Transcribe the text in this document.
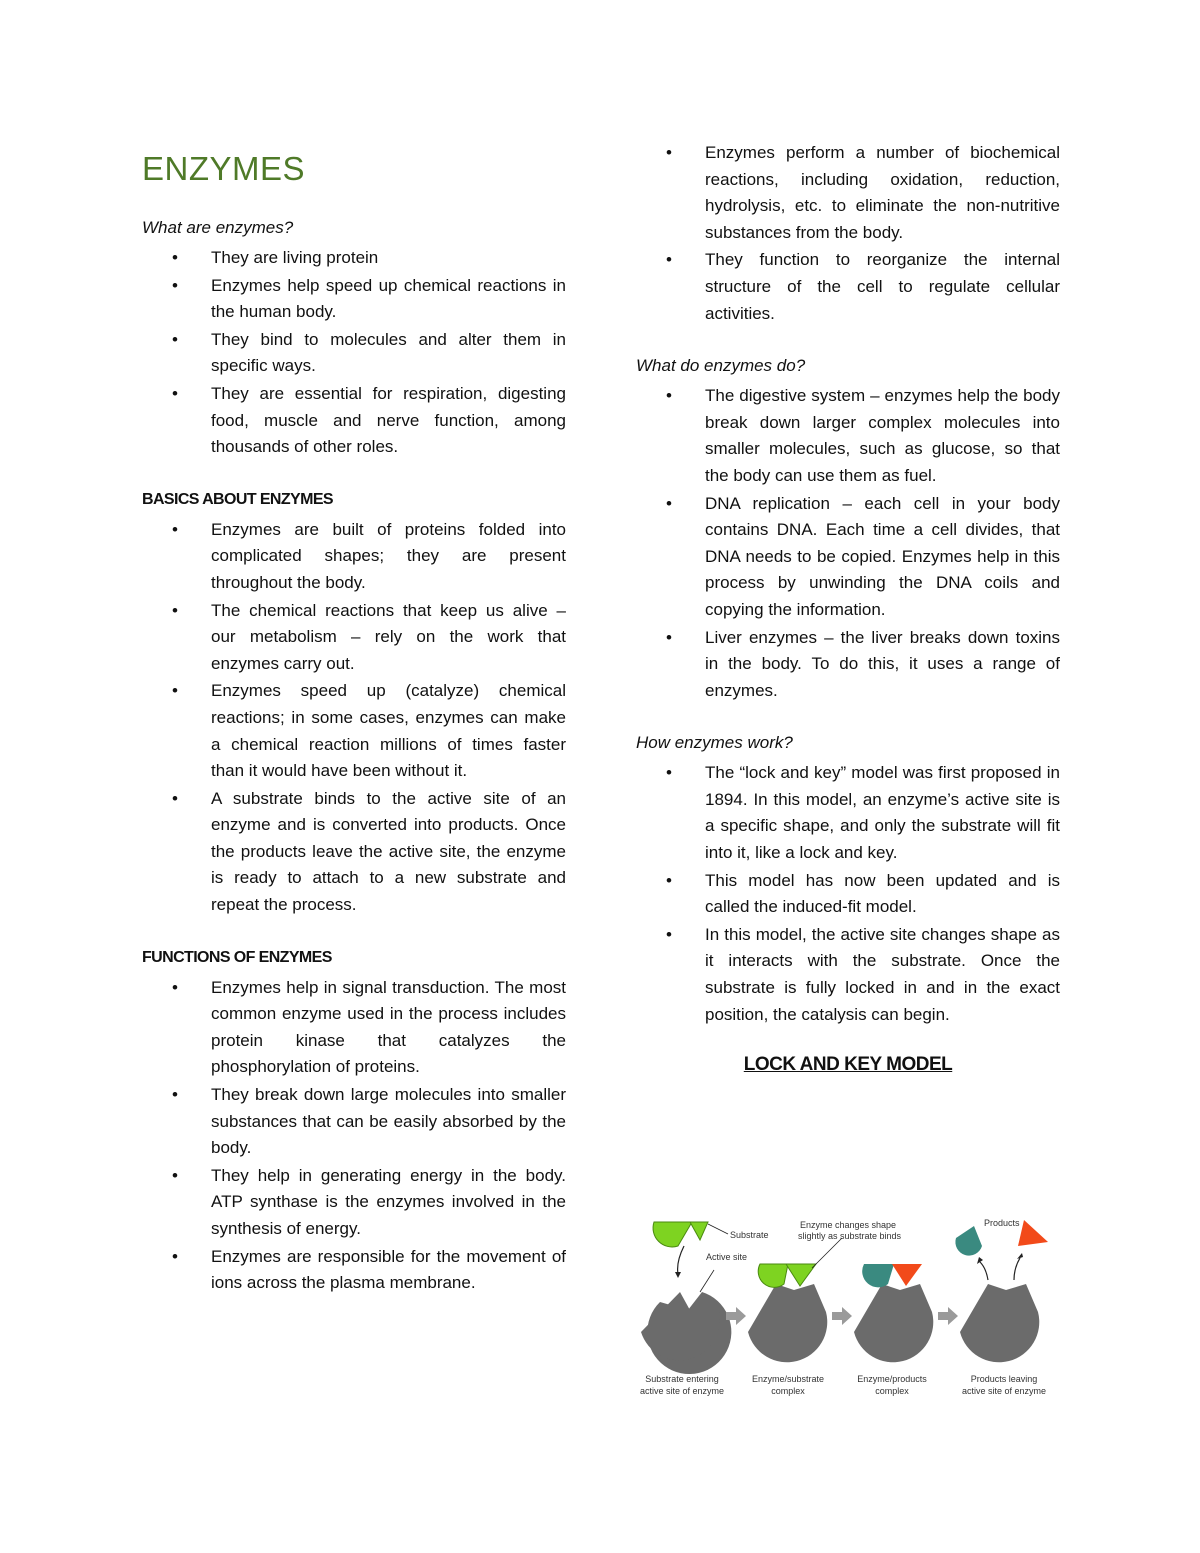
ENZYMES
What are enzymes?
• They are living protein
• Enzymes help speed up chemical reactions in the human body.
• They bind to molecules and alter them in specific ways.
• They are essential for respiration, digesting food, muscle and nerve function, among thousands of other roles.
BASICS ABOUT ENZYMES
• Enzymes are built of proteins folded into complicated shapes; they are present throughout the body.
• The chemical reactions that keep us alive – our metabolism – rely on the work that enzymes carry out.
• Enzymes speed up (catalyze) chemical reactions; in some cases, enzymes can make a chemical reaction millions of times faster than it would have been without it.
• A substrate binds to the active site of an enzyme and is converted into products. Once the products leave the active site, the enzyme is ready to attach to a new substrate and repeat the process.
FUNCTIONS OF ENZYMES
• Enzymes help in signal transduction. The most common enzyme used in the process includes protein kinase that catalyzes the phosphorylation of proteins.
• They break down large molecules into smaller substances that can be easily absorbed by the body.
• They help in generating energy in the body. ATP synthase is the enzymes involved in the synthesis of energy.
• Enzymes are responsible for the movement of ions across the plasma membrane.
• Enzymes perform a number of biochemical reactions, including oxidation, reduction, hydrolysis, etc. to eliminate the non-nutritive substances from the body.
• They function to reorganize the internal structure of the cell to regulate cellular activities.
What do enzymes do?
• The digestive system – enzymes help the body break down larger complex molecules into smaller molecules, such as glucose, so that the body can use them as fuel.
• DNA replication – each cell in your body contains DNA. Each time a cell divides, that DNA needs to be copied. Enzymes help in this process by unwinding the DNA coils and copying the information.
• Liver enzymes – the liver breaks down toxins in the body. To do this, it uses a range of enzymes.
How enzymes work?
• The “lock and key” model was first proposed in 1894. In this model, an enzyme’s active site is a specific shape, and only the substrate will fit into it, like a lock and key.
• This model has now been updated and is called the induced-fit model.
• In this model, the active site changes shape as it interacts with the substrate. Once the substrate is fully locked in and in the exact position, the catalysis can begin.
LOCK AND KEY MODEL
Substrate
Active site
Enzyme changes shape
slightly as substrate binds
Products
Substrate entering
active site of enzyme
Enzyme/substrate
complex
Enzyme/products
complex
Products leaving
active site of enzyme
